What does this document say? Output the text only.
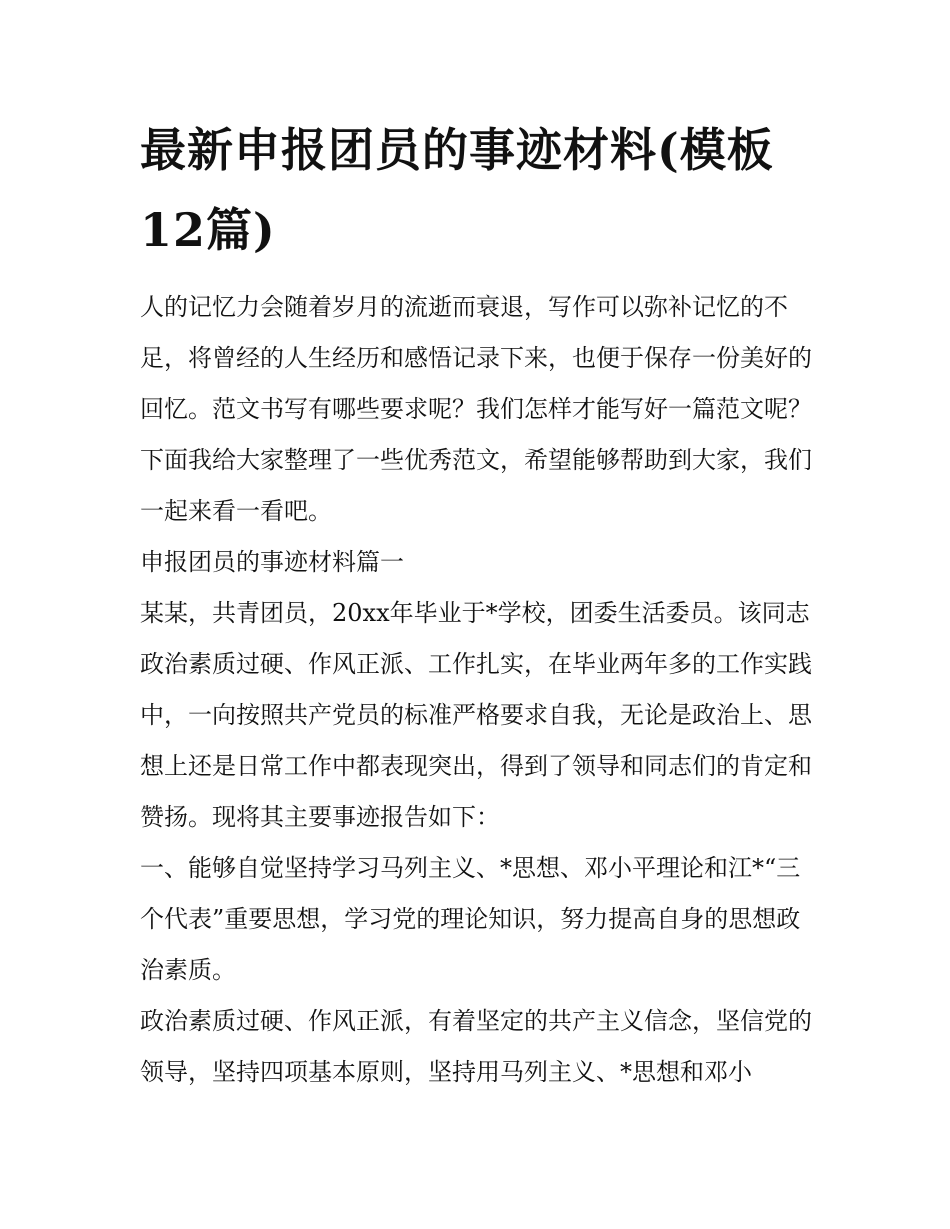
最新申报团员的事迹材料(模板12篇)

人的记忆力会随着岁月的流逝而衰退，写作可以弥补记忆的不足，将曾经的人生经历和感悟记录下来，也便于保存一份美好的回忆。范文书写有哪些要求呢？我们怎样才能写好一篇范文呢？下面我给大家整理了一些优秀范文，希望能够帮助到大家，我们一起来看一看吧。

申报团员的事迹材料篇一

某某，共青团员，20xx年毕业于*学校，团委生活委员。该同志政治素质过硬、作风正派、工作扎实，在毕业两年多的工作实践中，一向按照共产党员的标准严格要求自我，无论是政治上、思想上还是日常工作中都表现突出，得到了领导和同志们的肯定和赞扬。现将其主要事迹报告如下：

一、能够自觉坚持学习马列主义、*思想、邓小平理论和江*“三个代表”重要思想，学习党的理论知识，努力提高自身的思想政治素质。

政治素质过硬、作风正派，有着坚定的共产主义信念，坚信党的领导，坚持四项基本原则，坚持用马列主义、*思想和邓小
